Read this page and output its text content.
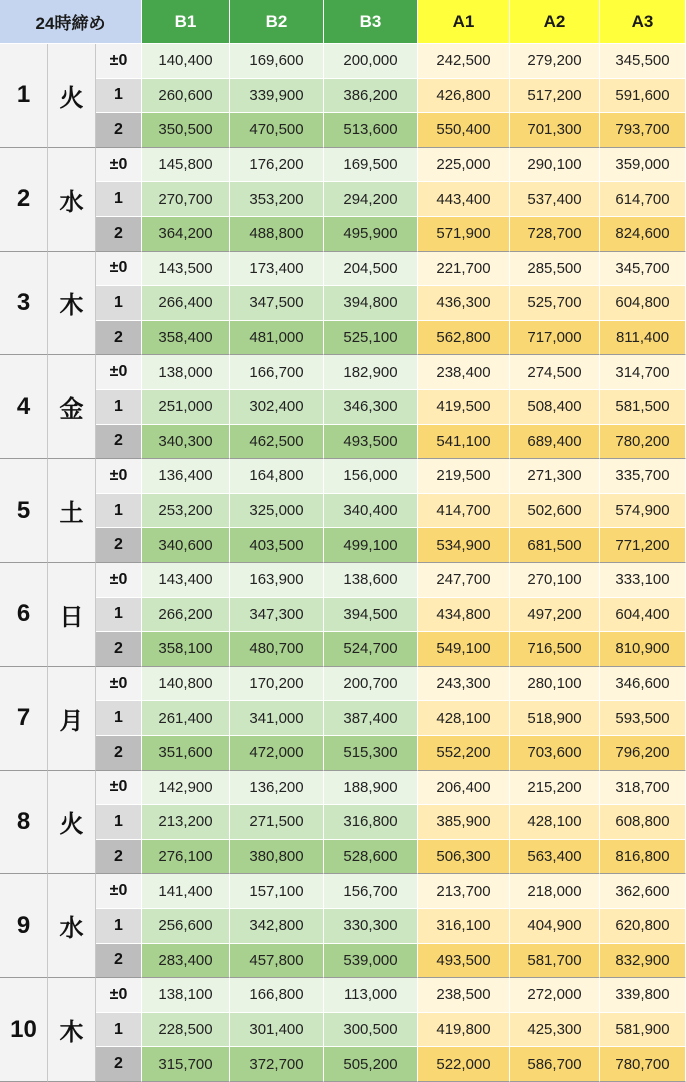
24時締め	B1	B2	B3	A1	A2	A3
1	火
±0	140,400	169,600	200,000	242,500	279,200	345,500
1	260,600	339,900	386,200	426,800	517,200	591,600
2	350,500	470,500	513,600	550,400	701,300	793,700
2	水
±0	145,800	176,200	169,500	225,000	290,100	359,000
1	270,700	353,200	294,200	443,400	537,400	614,700
2	364,200	488,800	495,900	571,900	728,700	824,600
3	木
±0	143,500	173,400	204,500	221,700	285,500	345,700
1	266,400	347,500	394,800	436,300	525,700	604,800
2	358,400	481,000	525,100	562,800	717,000	811,400
4	金
±0	138,000	166,700	182,900	238,400	274,500	314,700
1	251,000	302,400	346,300	419,500	508,400	581,500
2	340,300	462,500	493,500	541,100	689,400	780,200
5	土
±0	136,400	164,800	156,000	219,500	271,300	335,700
1	253,200	325,000	340,400	414,700	502,600	574,900
2	340,600	403,500	499,100	534,900	681,500	771,200
6	日
±0	143,400	163,900	138,600	247,700	270,100	333,100
1	266,200	347,300	394,500	434,800	497,200	604,400
2	358,100	480,700	524,700	549,100	716,500	810,900
7	月
±0	140,800	170,200	200,700	243,300	280,100	346,600
1	261,400	341,000	387,400	428,100	518,900	593,500
2	351,600	472,000	515,300	552,200	703,600	796,200
8	火
±0	142,900	136,200	188,900	206,400	215,200	318,700
1	213,200	271,500	316,800	385,900	428,100	608,800
2	276,100	380,800	528,600	506,300	563,400	816,800
9	水
±0	141,400	157,100	156,700	213,700	218,000	362,600
1	256,600	342,800	330,300	316,100	404,900	620,800
2	283,400	457,800	539,000	493,500	581,700	832,900
10 木
±0	138,100	166,800	113,000	238,500	272,000	339,800
1	228,500	301,400	300,500	419,800	425,300	581,900
2	315,700	372,700	505,200	522,000	586,700	780,700
